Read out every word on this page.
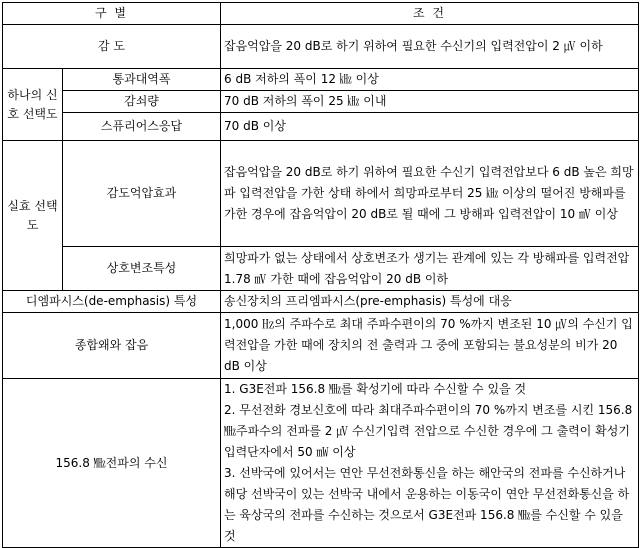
구 별		조 건
감 도		잡음억압을 20 dB로 하기 위하여 필요한 수신기의 입력전압이 2 ㎶ 이하
하나의 신호 선택도	통과대역폭	6 dB 저하의 폭이 12 ㎑ 이상
	감쇠량	70 dB 저하의 폭이 25 ㎑ 이내
	스퓨리어스응답	70 dB 이상
실효 선택도	감도억압효과	잡음억압을 20 dB로 하기 위하여 필요한 수신기 입력전압보다 6 dB 높은 희망파 입력전압을 가한 상태 하에서 희망파로부터 25 ㎑ 이상의 떨어진 방해파를 가한 경우에 잡음억압이 20 dB로 될 때에 그 방해파 입력전압이 10 ㎷ 이상
	상호변조특성	희망파가 없는 상태에서 상호변조가 생기는 관계에 있는 각 방해파를 입력전압 1.78 ㎷ 가한 때에 잡음억압이 20 dB 이하
디엠파시스(de-emphasis) 특성		송신장치의 프리엠파시스(pre-emphasis) 특성에 대응
종합왜와 잡음		1,000 ㎐의 주파수로 최대 주파수편이의 70 %까지 변조된 10 ㎶의 수신기 입력전압을 가한 때에 장치의 전 출력과 그 중에 포함되는 불요성분의 비가 20 dB 이상
156.8 ㎒전파의 수신		1. G3E전파 156.8 ㎒를 확성기에 따라 수신할 수 있을 것
2. 무선전화 경보신호에 따라 최대주파수편이의 70 %까지 변조를 시킨 156.8 ㎒주파수의 전파를 2 ㎶ 수신기입력 전압으로 수신한 경우에 그 출력이 확성기 입력단자에서 50 ㎽ 이상
3. 선박국에 있어서는 연안 무선전화통신을 하는 해안국의 전파를 수신하거나 해당 선박국이 있는 선박국 내에서 운용하는 이동국이 연안 무선전화통신을 하는 육상국의 전파를 수신하는 것으로서 G3E전파 156.8 ㎒를 수신할 수 있을 것
